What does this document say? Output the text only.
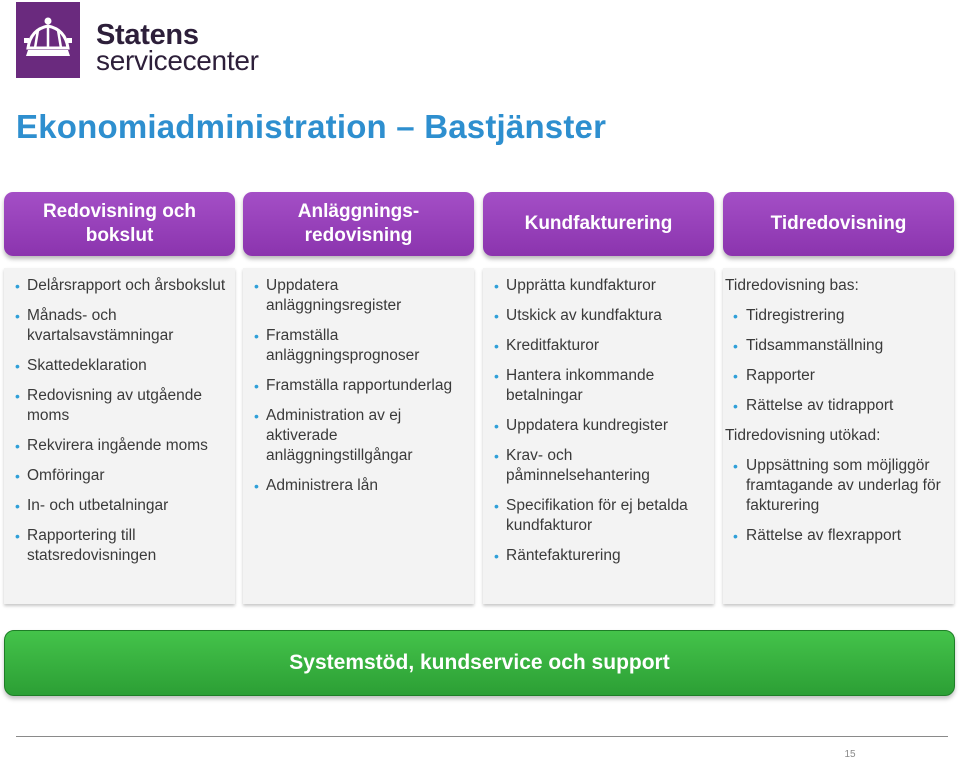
Statens
servicecenter
Ekonomiadministration – Bastjänster
Redovisning och bokslut
Anläggnings-redovisning
Kundfakturering	Tidredovisning
• Delårsrapport och årsbokslut
• Månads- och kvartalsavstämningar
• Skattedeklaration
• Redovisning av utgående moms
• Rekvirera ingående moms
• Omföringar
• In- och utbetalningar
• Rapportering till statsredovisningen
• Uppdatera anläggningsregister
• Framställa anläggningsprognoser
• Framställa rapportunderlag
• Administration av ej aktiverade anläggningstillgångar
• Administrera lån
• Upprätta kundfakturor
• Utskick av kundfaktura
• Kreditfakturor
• Hantera inkommande betalningar
• Uppdatera kundregister
• Krav- och påminnelsehantering
• Specifikation för ej betalda kundfakturor
• Räntefakturering
Tidredovisning bas:
• Tidregistrering
• Tidsammanställning
• Rapporter
• Rättelse av tidrapport
Tidredovisning utökad:
• Uppsättning som möjliggör framtagande av underlag för fakturering
• Rättelse av flexrapport
Systemstöd, kundservice och support
15
